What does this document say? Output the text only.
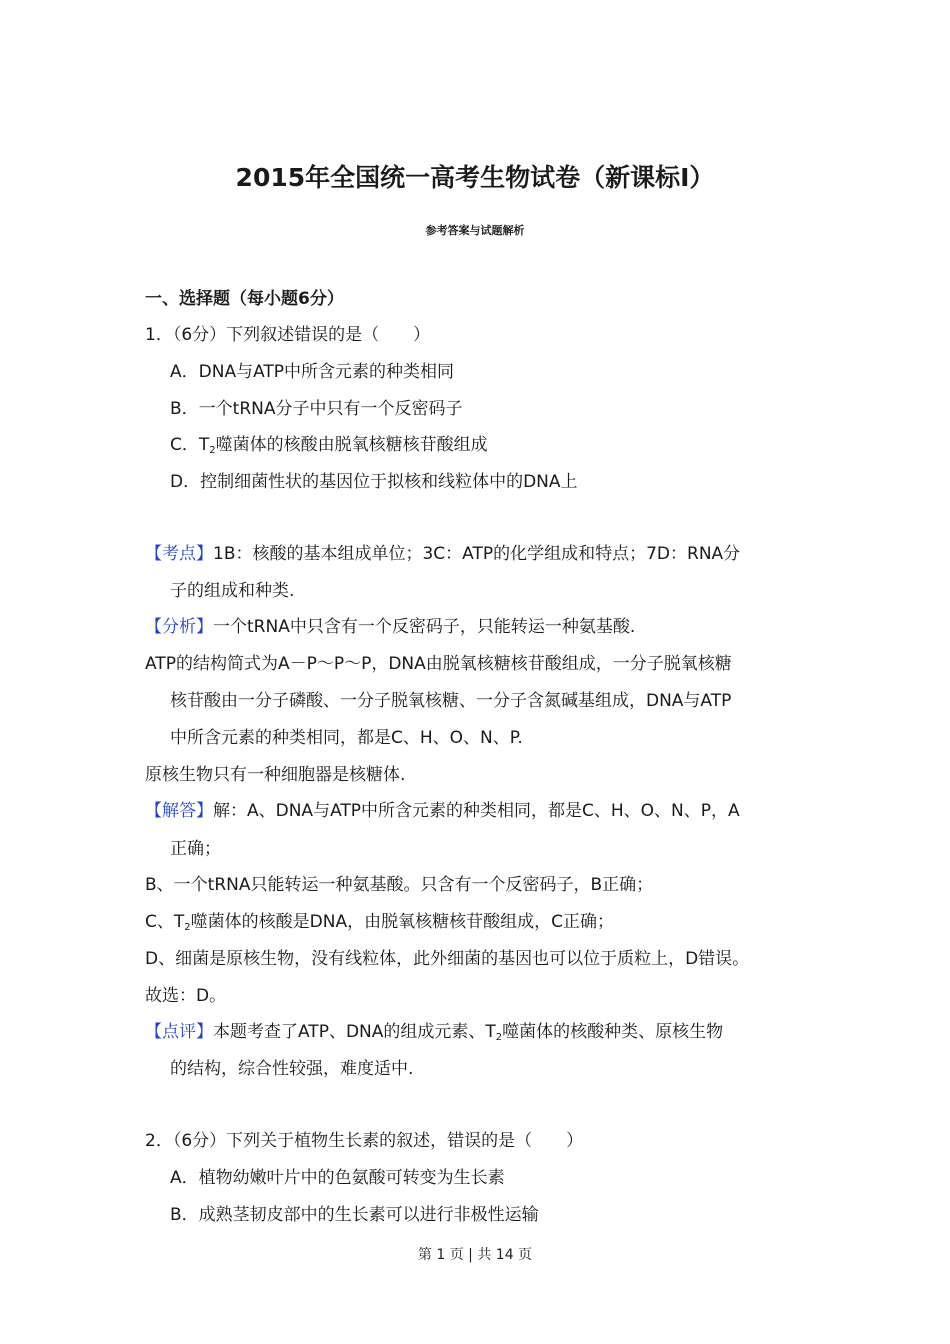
2015年全国统一高考生物试卷（新课标Ⅰ）
参考答案与试题解析
一、选择题（每小题6分）
1．（6分）下列叙述错误的是（　　）
A．DNA与ATP中所含元素的种类相同
B．一个tRNA分子中只有一个反密码子
C．$T_2$噬菌体的核酸由脱氧核糖核苷酸组成
D．控制细菌性状的基因位于拟核和线粒体中的DNA上
【考点】1B：核酸的基本组成单位；3C：ATP的化学组成和特点；7D：RNA分
子的组成和种类.
【分析】一个tRNA中只含有一个反密码子，只能转运一种氨基酸.
ATP的结构简式为A－P～P～P，DNA由脱氧核糖核苷酸组成，一分子脱氧核糖
核苷酸由一分子磷酸、一分子脱氧核糖、一分子含氮碱基组成，DNA与ATP
中所含元素的种类相同，都是C、H、O、N、P.
原核生物只有一种细胞器是核糖体.
【解答】解：A、DNA与ATP中所含元素的种类相同，都是C、H、O、N、P，A
正确；
B、一个tRNA只能转运一种氨基酸。只含有一个反密码子，B正确；
C、$T_2$噬菌体的核酸是DNA，由脱氧核糖核苷酸组成，C正确；
D、细菌是原核生物，没有线粒体，此外细菌的基因也可以位于质粒上，D错误。
故选：D。
【点评】本题考查了ATP、DNA的组成元素、$T_2$噬菌体的核酸种类、原核生物
的结构，综合性较强，难度适中.
2．（6分）下列关于植物生长素的叙述，错误的是（　　）
A．植物幼嫩叶片中的色氨酸可转变为生长素
B．成熟茎韧皮部中的生长素可以进行非极性运输
第 1 页 | 共 14 页
